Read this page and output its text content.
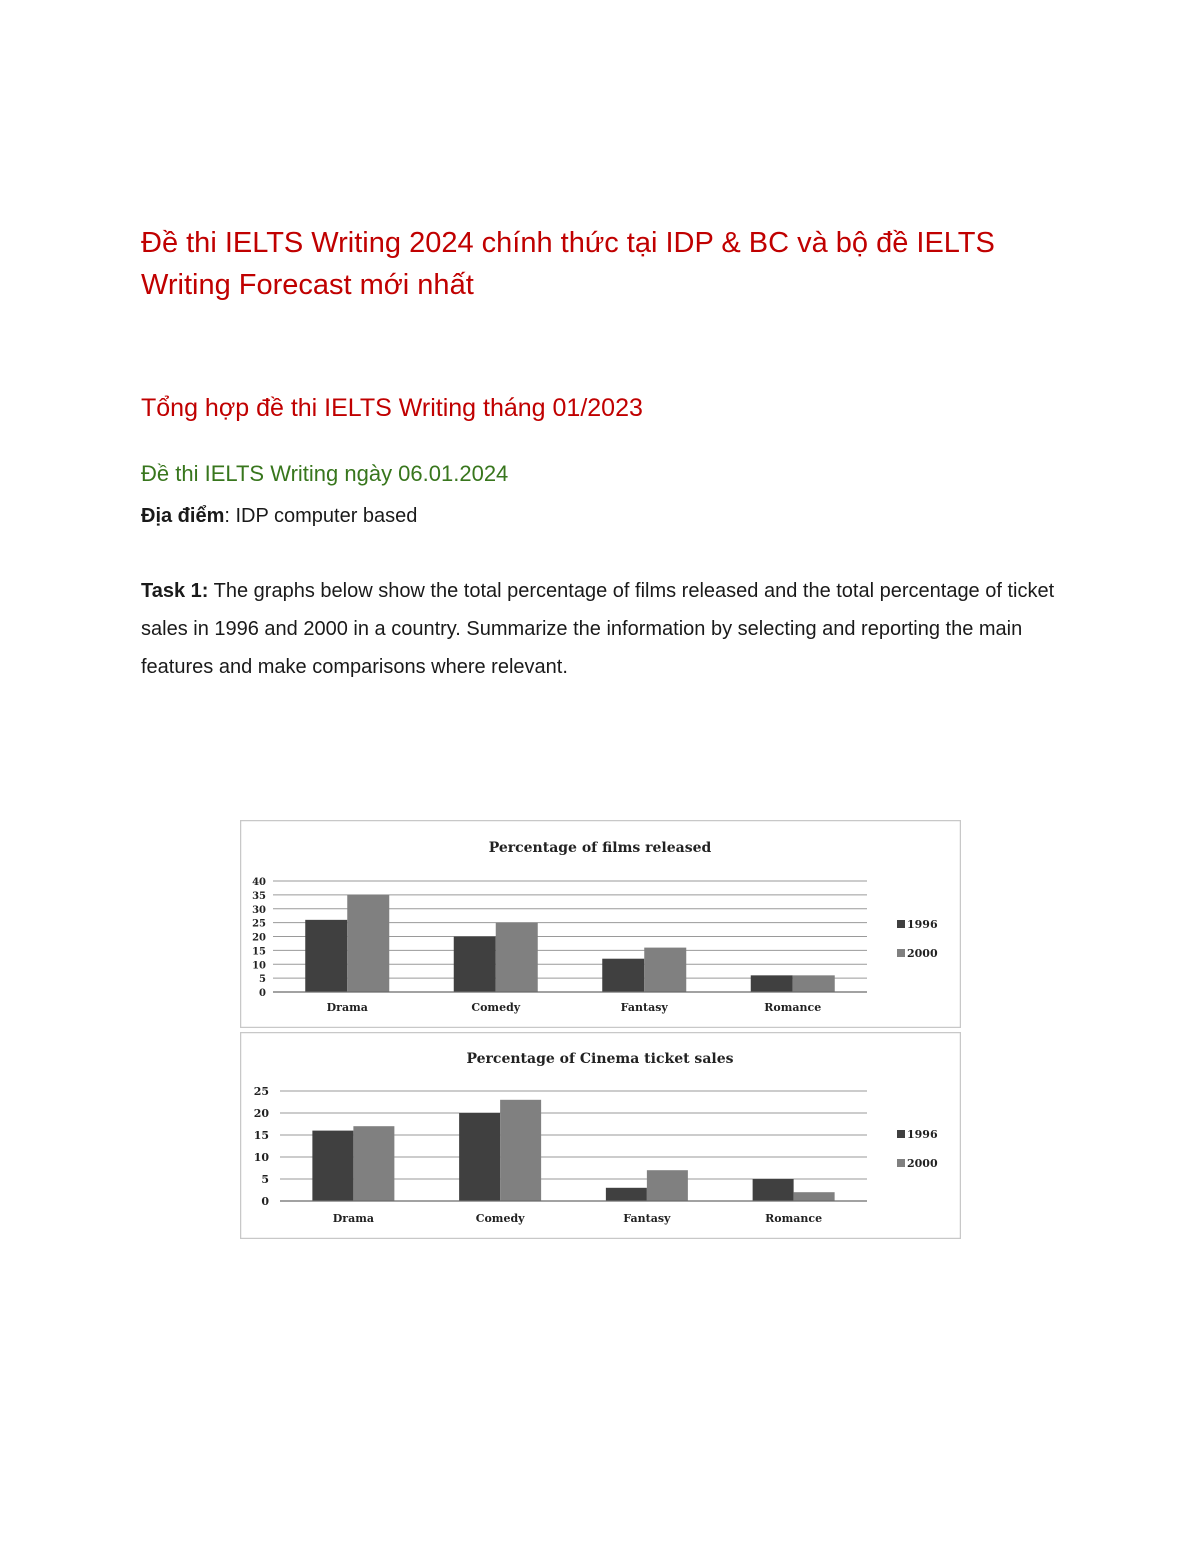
Đề thi IELTS Writing 2024 chính thức tại IDP & BC và bộ đề IELTS Writing Forecast mới nhất
Tổng hợp đề thi IELTS Writing tháng 01/2023
Đề thi IELTS Writing ngày 06.01.2024
Địa điểm: IDP computer based

Task 1: The graphs below show the total percentage of films released and the total percentage of ticket sales in 1996 and 2000 in a country. Summarize the information by selecting and reporting the main features and make comparisons where relevant.

Percentage of films released
0
5
10
15
20
25
30
35
40
Drama	Comedy	Fantasy	Romance
1996
2000
Percentage of Cinema ticket sales
0
5
10
15
20
25
Drama	Comedy	Fantasy	Romance
1996
2000
